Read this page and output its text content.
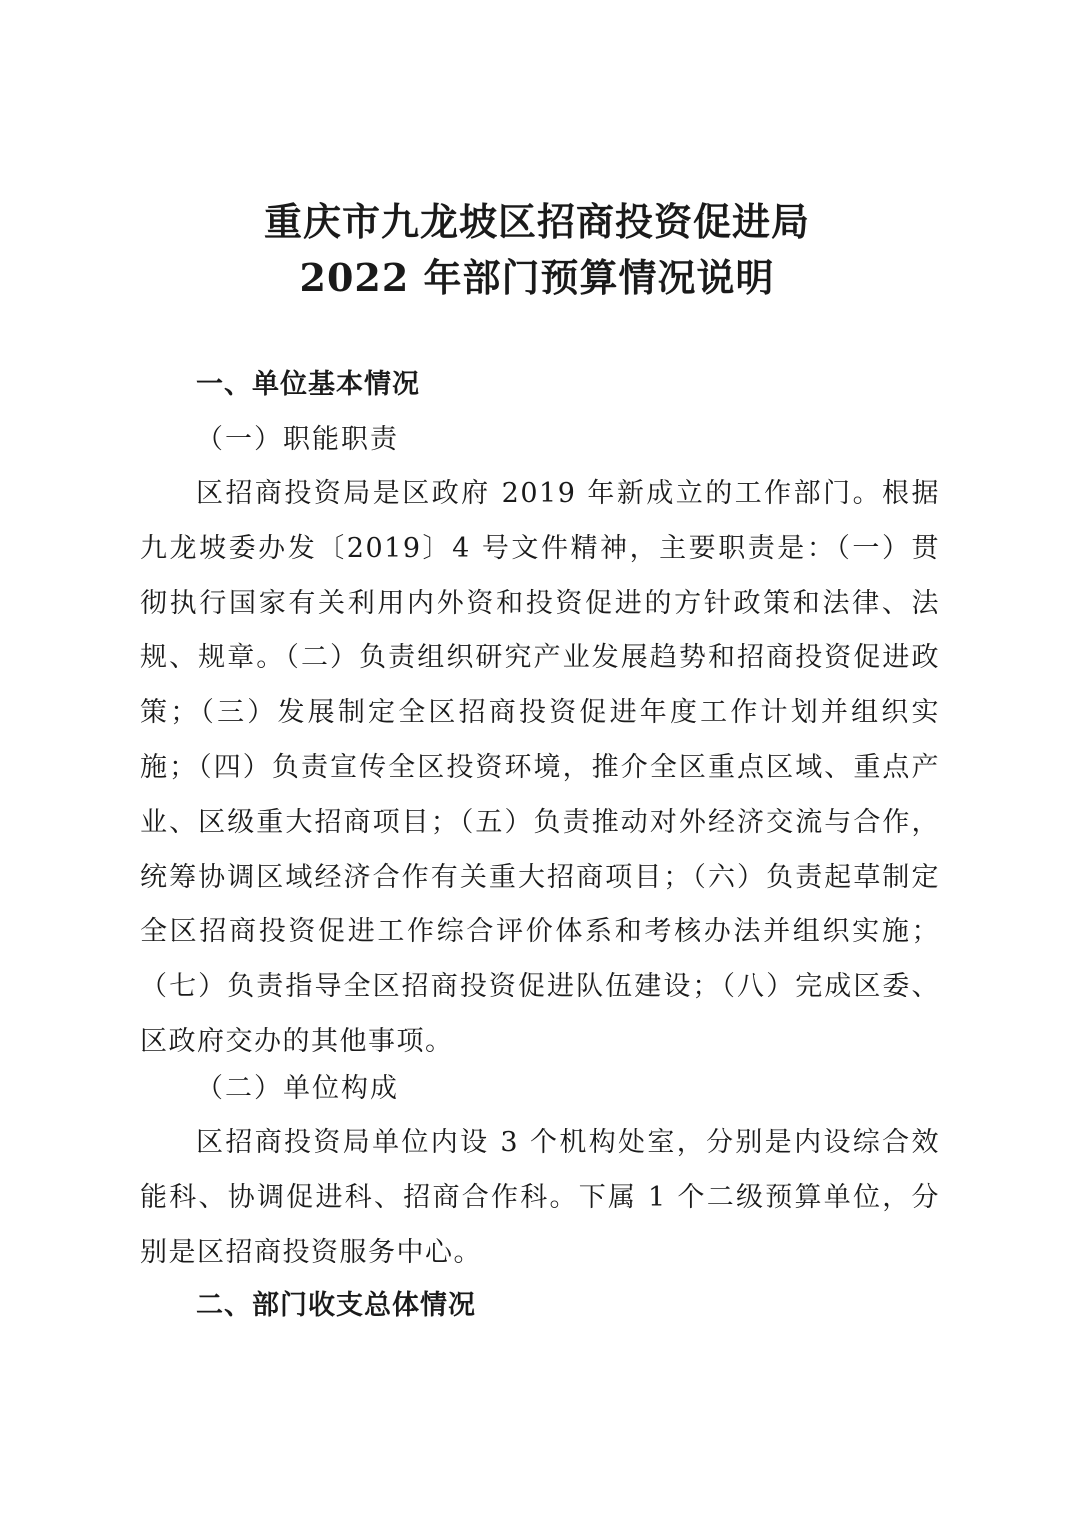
重庆市九龙坡区招商投资促进局
2022 年部门预算情况说明
一、单位基本情况
（一）职能职责

区招商投资局是区政府 2019 年新成立的工作部门。根据九龙坡委办发〔2019〕4 号文件精神，主要职责是：（一）贯彻执行国家有关利用内外资和投资促进的方针政策和法律、法规、规章。（二）负责组织研究产业发展趋势和招商投资促进政策；（三）发展制定全区招商投资促进年度工作计划并组织实施；（四）负责宣传全区投资环境，推介全区重点区域、重点产业、区级重大招商项目；（五）负责推动对外经济交流与合作，统筹协调区域经济合作有关重大招商项目；（六）负责起草制定全区招商投资促进工作综合评价体系和考核办法并组织实施；（七）负责指导全区招商投资促进队伍建设；（八）完成区委、区政府交办的其他事项。

（二）单位构成

区招商投资局单位内设 3 个机构处室，分别是内设综合效能科、协调促进科、招商合作科。下属 1 个二级预算单位，分别是区招商投资服务中心。

二、部门收支总体情况
